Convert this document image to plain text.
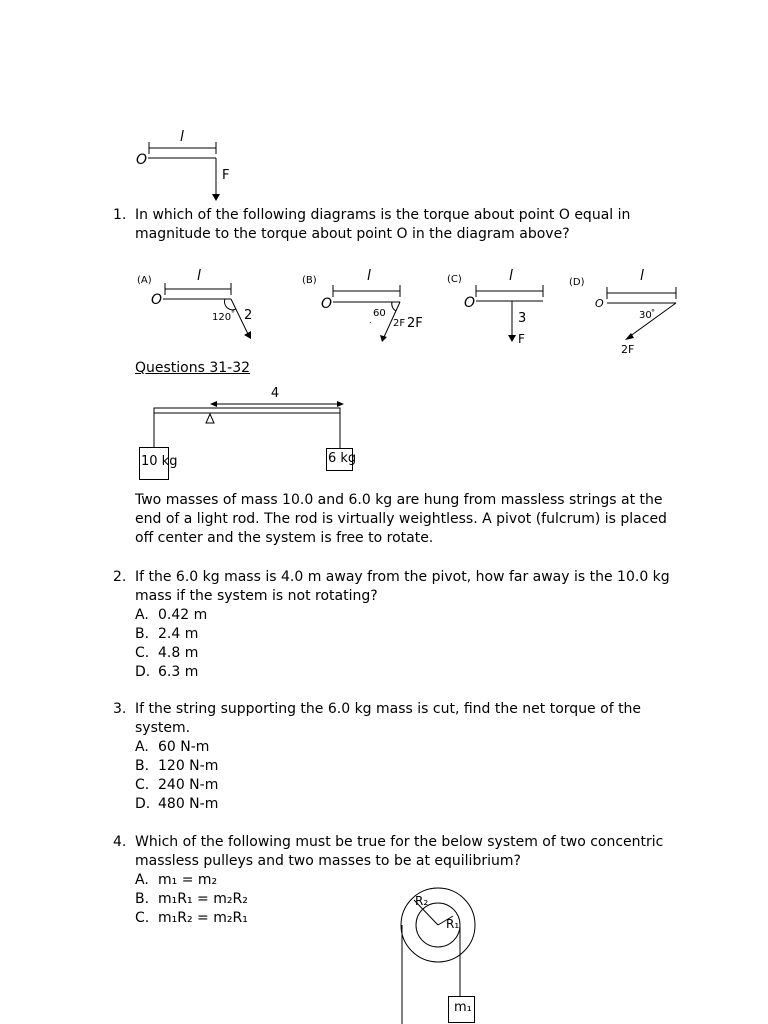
l
O
F
1. In which of the following diagrams is the torque about point O equal in magnitude to the torque about point O in the diagram above?
(A)	l
O
120 ° 2
(B)	l
O
60
. 2F 2F
(C)	l
O
3
F
(D)	l
O
30 °
2F
Questions 31-32
4
10 kg	6 kg
Two masses of mass 10.0 and 6.0 kg are hung from massless strings at the end of a light rod. The rod is virtually weightless. A pivot (fulcrum) is placed off center and the system is free to rotate.
2. If the 6.0 kg mass is 4.0 m away from the pivot, how far away is the 10.0 kg mass if the system is not rotating?
A. 0.42 m
B. 2.4 m
C. 4.8 m
D. 6.3 m
3. If the string supporting the 6.0 kg mass is cut, find the net torque of the system.
A. 60 N-m
B. 120 N-m
C. 240 N-m
D. 480 N-m
4. Which of the following must be true for the below system of two concentric massless pulleys and two masses to be at equilibrium?
A. m₁ = m₂
B. m₁R₁ = m₂R₂
C. m₁R₂ = m₂R₁
R₂
R₁
m₁
